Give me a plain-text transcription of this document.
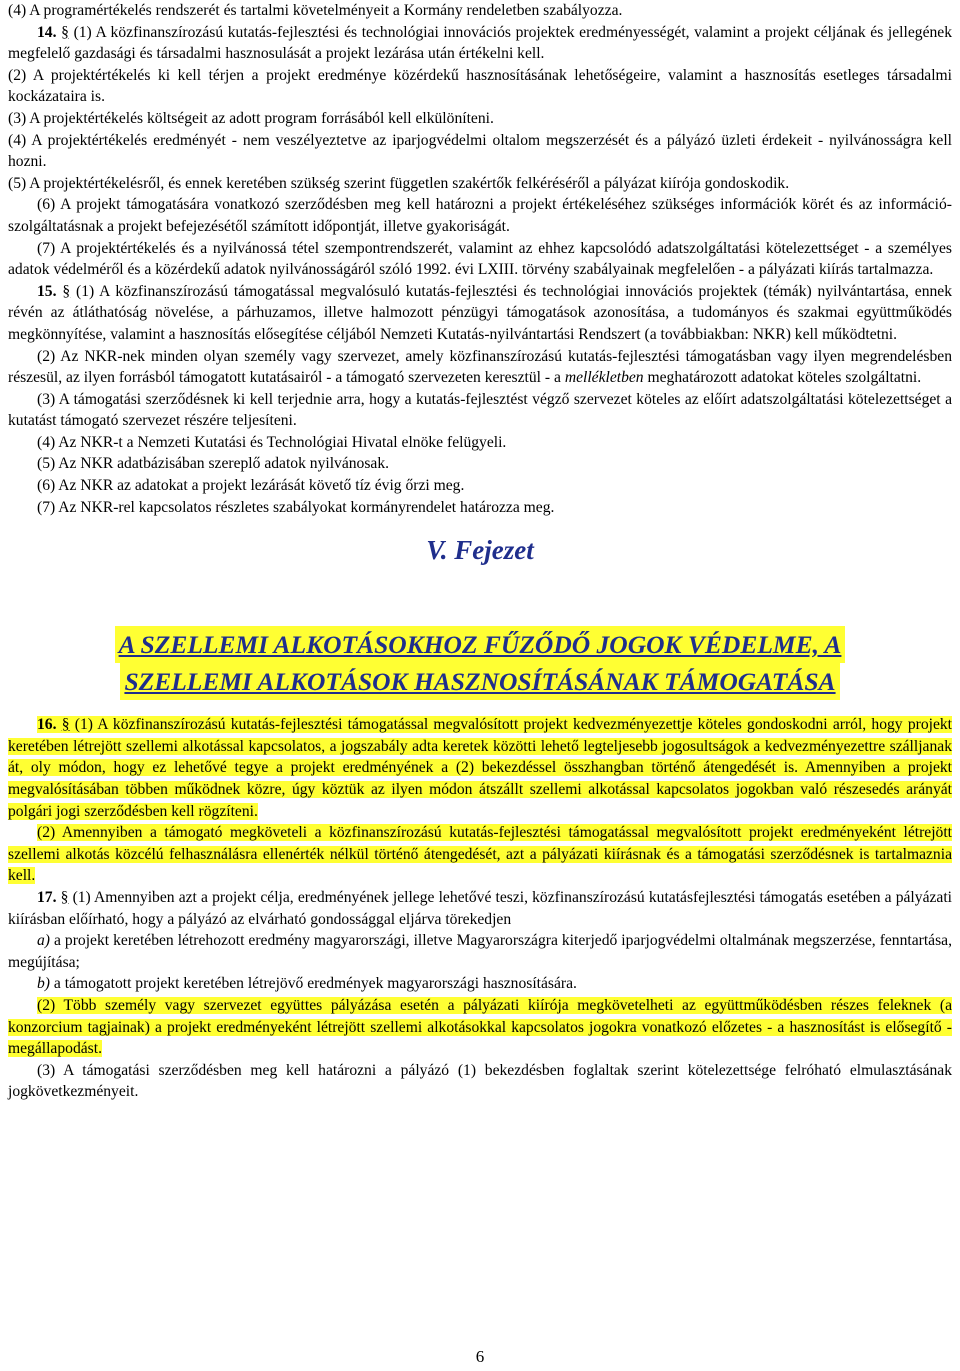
(4) A programértékelés rendszerét és tartalmi követelményeit a Kormány rendeletben szabályozza.

14. § (1) A közfinanszírozású kutatás-fejlesztési és technológiai innovációs projektek eredményességét, valamint a projekt céljának és jellegének megfelelő gazdasági és társadalmi hasznosulását a projekt lezárása után értékelni kell.

(2) A projektértékelés ki kell térjen a projekt eredménye közérdekű hasznosításának lehetőségeire, valamint a hasznosítás esetleges társadalmi kockázataira is.

(3) A projektértékelés költségeit az adott program forrásából kell elkülöníteni.

(4) A projektértékelés eredményét - nem veszélyeztetve az iparjogvédelmi oltalom megszerzését és a pályázó üzleti érdekeit - nyilvánosságra kell hozni.

(5) A projektértékelésről, és ennek keretében szükség szerint független szakértők felkéréséről a pályázat kiírója gondoskodik.

(6) A projekt támogatására vonatkozó szerződésben meg kell határozni a projekt értékeléséhez szükséges információk körét és az információ-szolgáltatásnak a projekt befejezésétől számított időpontját, illetve gyakoriságát.

(7) A projektértékelés és a nyilvánossá tétel szempontrendszerét, valamint az ehhez kapcsolódó adatszolgáltatási kötelezettséget - a személyes adatok védelméről és a közérdekű adatok nyilvánosságáról szóló 1992. évi LXIII. törvény szabályainak megfelelően - a pályázati kiírás tartalmazza.

15. § (1) A közfinanszírozású támogatással megvalósuló kutatás-fejlesztési és technológiai innovációs projektek (témák) nyilvántartása, ennek révén az átláthatóság növelése, a párhuzamos, illetve halmozott pénzügyi támogatások azonosítása, a tudományos és szakmai együttműködés megkönnyítése, valamint a hasznosítás elősegítése céljából Nemzeti Kutatás-nyilvántartási Rendszert (a továbbiakban: NKR) kell működtetni.

(2) Az NKR-nek minden olyan személy vagy szervezet, amely közfinanszírozású kutatás-fejlesztési támogatásban vagy ilyen megrendelésben részesül, az ilyen forrásból támogatott kutatásairól - a támogató szervezeten keresztül - a mellékletben meghatározott adatokat köteles szolgáltatni.

(3) A támogatási szerződésnek ki kell terjednie arra, hogy a kutatás-fejlesztést végző szervezet köteles az előírt adatszolgáltatási kötelezettséget a kutatást támogató szervezet részére teljesíteni.

(4) Az NKR-t a Nemzeti Kutatási és Technológiai Hivatal elnöke felügyeli.

(5) Az NKR adatbázisában szereplő adatok nyilvánosak.

(6) Az NKR az adatokat a projekt lezárását követő tíz évig őrzi meg.

(7) Az NKR-rel kapcsolatos részletes szabályokat kormányrendelet határozza meg.

V. Fejezet

A SZELLEMI ALKOTÁSOKHOZ FŰZŐDŐ JOGOK VÉDELME, A
SZELLEMI ALKOTÁSOK HASZNOSÍTÁSÁNAK TÁMOGATÁSA

16. § (1) A közfinanszírozású kutatás-fejlesztési támogatással megvalósított projekt kedvezményezettje köteles gondoskodni arról, hogy projekt keretében létrejött szellemi alkotással kapcsolatos, a jogszabály adta keretek közötti lehető legteljesebb jogosultságok a kedvezményezettre szálljanak át, oly módon, hogy ez lehetővé tegye a projekt eredményének a (2) bekezdéssel összhangban történő átengedését is. Amennyiben a projekt megvalósításában többen működnek közre, úgy köztük az ilyen módon átszállt szellemi alkotással kapcsolatos jogokban való részesedés arányát polgári jogi szerződésben kell rögzíteni.

(2) Amennyiben a támogató megköveteli a közfinanszírozású kutatás-fejlesztési támogatással megvalósított projekt eredményeként létrejött szellemi alkotás közcélú felhasználásra ellenérték nélkül történő átengedését, azt a pályázati kiírásnak és a támogatási szerződésnek is tartalmaznia kell.

17. § (1) Amennyiben azt a projekt célja, eredményének jellege lehetővé teszi, közfinanszírozású kutatásfejlesztési támogatás esetében a pályázati kiírásban előírható, hogy a pályázó az elvárható gondossággal eljárva törekedjen

a) a projekt keretében létrehozott eredmény magyarországi, illetve Magyarországra kiterjedő iparjogvédelmi oltalmának megszerzése, fenntartása, megújítása;

b) a támogatott projekt keretében létrejövő eredmények magyarországi hasznosítására.

(2) Több személy vagy szervezet együttes pályázása esetén a pályázati kiírója megkövetelheti az együttműködésben részes feleknek (a konzorcium tagjainak) a projekt eredményeként létrejött szellemi alkotásokkal kapcsolatos jogokra vonatkozó előzetes - a hasznosítást is elősegítő - megállapodást.

(3) A támogatási szerződésben meg kell határozni a pályázó (1) bekezdésben foglaltak szerint kötelezettsége felróható elmulasztásának jogkövetkezményeit.

6
